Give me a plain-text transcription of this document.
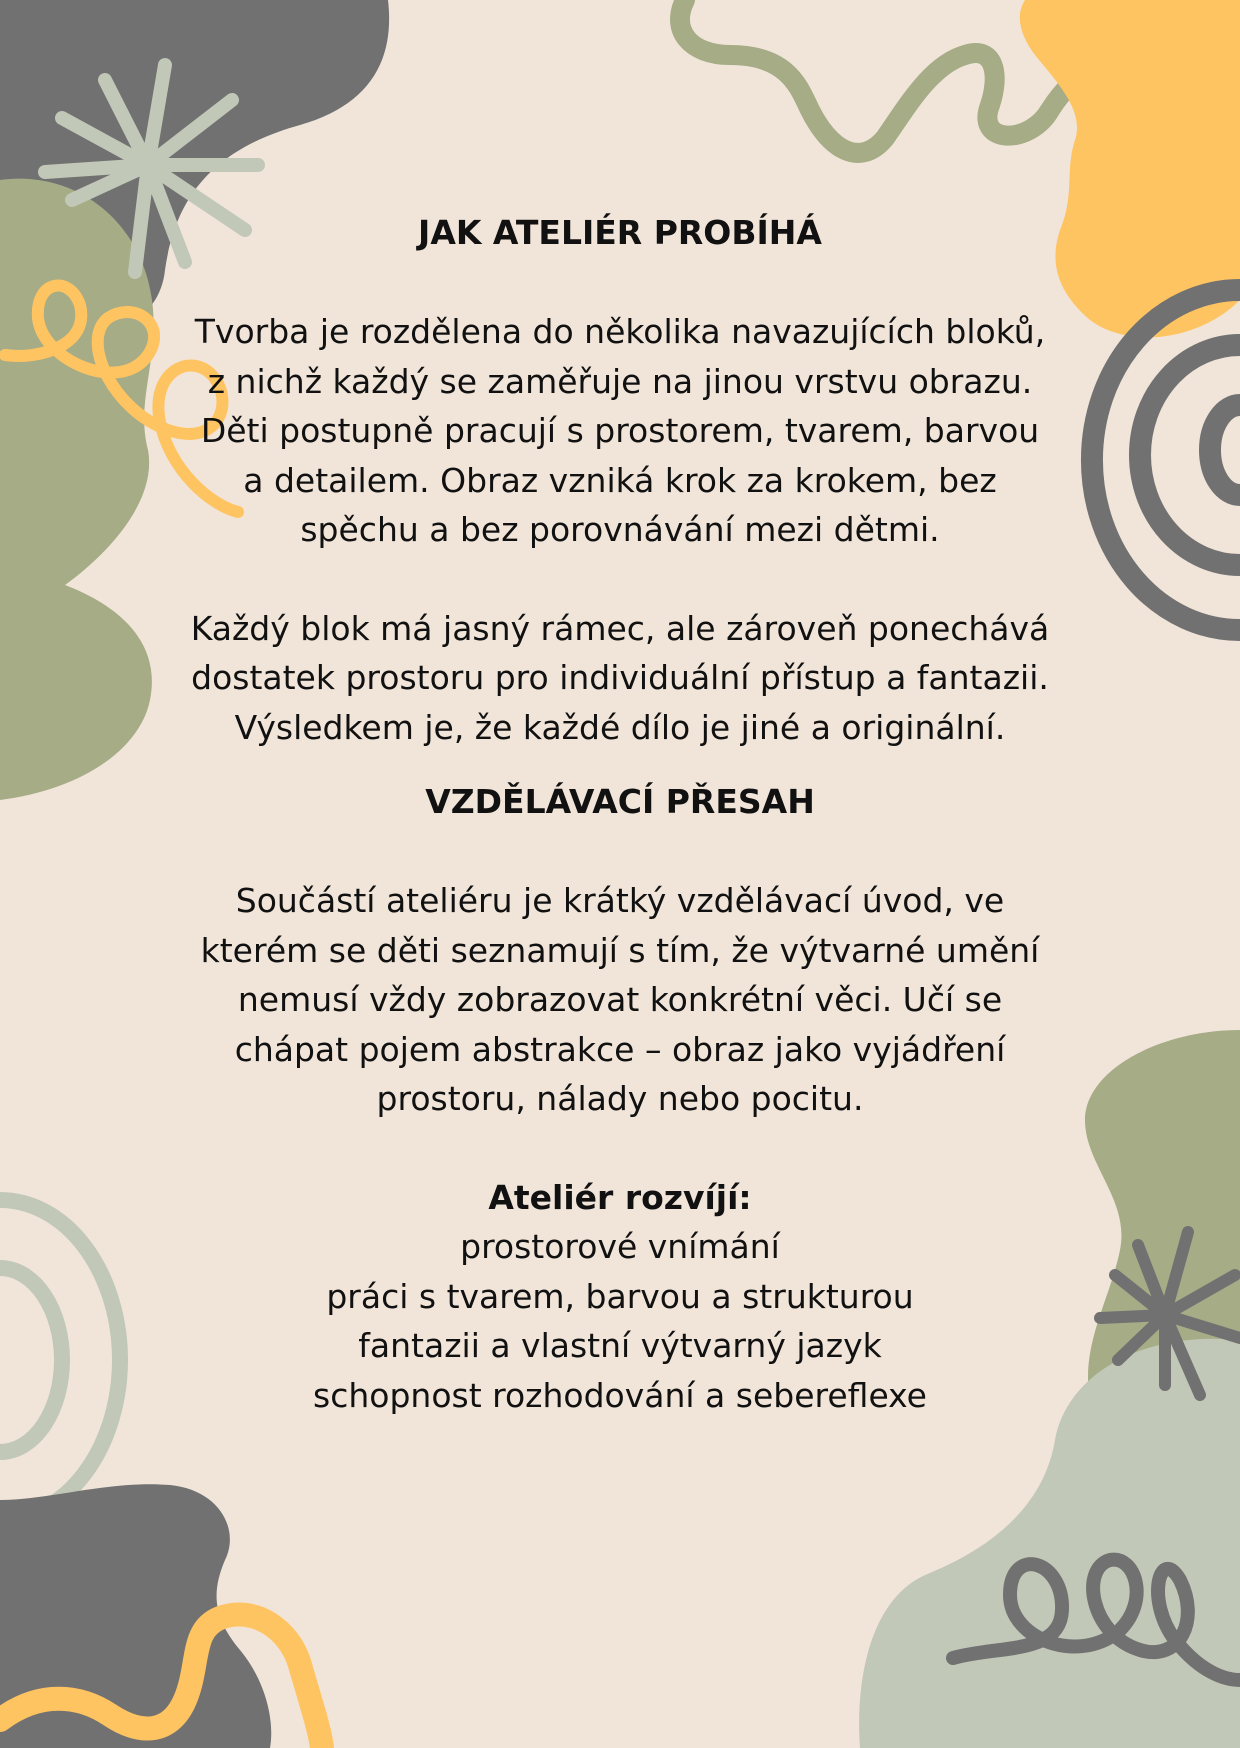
JAK ATELIÉR PROBÍHÁ

Tvorba je rozdělena do několika navazujících bloků, z nichž každý se zaměřuje na jinou vrstvu obrazu. Děti postupně pracují s prostorem, tvarem, barvou a detailem. Obraz vzniká krok za krokem, bez spěchu a bez porovnávání mezi dětmi.

Každý blok má jasný rámec, ale zároveň ponechává dostatek prostoru pro individuální přístup a fantazii. Výsledkem je, že každé dílo je jiné a originální.

VZDĚLÁVACÍ PŘESAH

Součástí ateliéru je krátký vzdělávací úvod, ve kterém se děti seznamují s tím, že výtvarné umění nemusí vždy zobrazovat konkrétní věci. Učí se chápat pojem abstrakce – obraz jako vyjádření prostoru, nálady nebo pocitu.

Ateliér rozvíjí:

prostorové vnímání
práci s tvarem, barvou a strukturou
fantazii a vlastní výtvarný jazyk
schopnost rozhodování a sebereflexe
